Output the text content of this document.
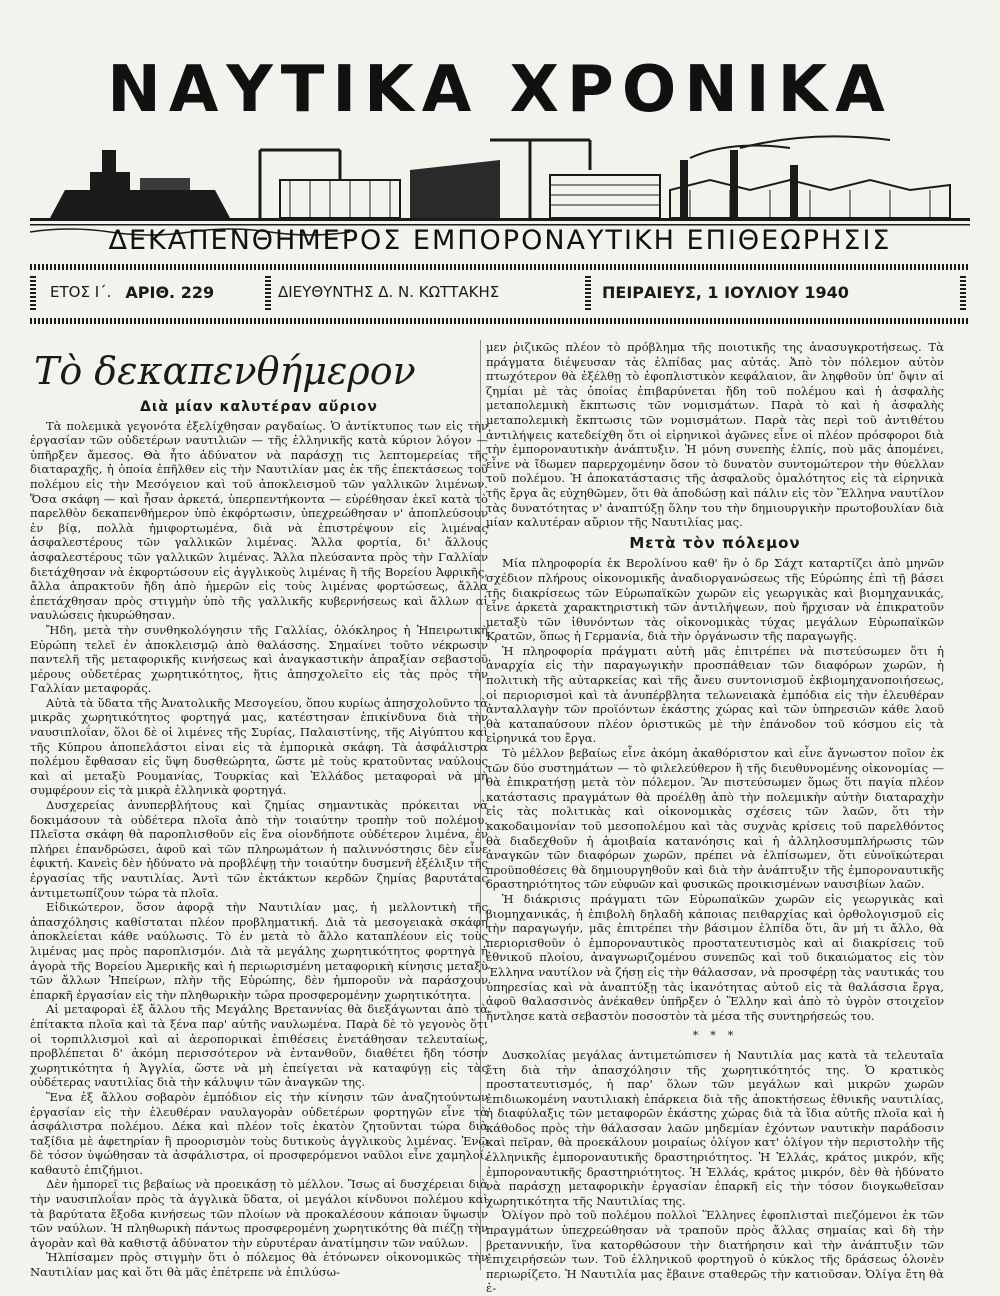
ΝΑΥΤΙΚΑ ΧΡΟΝΙΚΑ
ΔΕΚΑΠΕΝΘΗΜΕΡΟΣ ΕΜΠΟΡΟΝΑΥΤΙΚΗ ΕΠΙΘΕΩΡΗΣΙΣ
ΕΤΟΣ Ι΄. ΑΡΙΘ. 229	ΔΙΕΥΘΥΝΤΗΣ Δ. Ν. ΚΩΤΤΑΚΗΣ	ΠΕΙΡΑΙΕΥΣ, 1 ΙΟΥΛΙΟΥ 1940
Τὸ δεκαπενθήμερον
Διὰ μίαν καλυτέραν αὔριον

Τὰ πολεμικὰ γεγονότα ἐξελίχθησαν ραγδαίως. Ὁ ἀντίκτυπος των εἰς τὴν ἐργασίαν τῶν οὐδετέρων ναυτιλιῶν — τῆς ἑλληνικῆς κατὰ κύριον λόγον — ὑπῆρξεν ἄμεσος. Θὰ ἦτο ἀδύνατον νὰ παράσχῃ τις λεπτομερείας τῆς διαταραχῆς, ἡ ὁποία ἐπῆλθεν εἰς τὴν Ναυτιλίαν μας ἐκ τῆς ἐπεκτάσεως τοῦ πολέμου εἰς τὴν Μεσόγειον καὶ τοῦ ἀποκλεισμοῦ τῶν γαλλικῶν λιμένων. Ὅσα σκάφη — καὶ ἦσαν ἀρκετά, ὑπερπεντήκοντα — εὑρέθησαν ἐκεῖ κατὰ τὸ παρελθὸν δεκαπενθήμερον ὑπὸ ἐκφόρτωσιν, ὑπεχρεώθησαν ν' ἀποπλεύσουν ἐν βίᾳ, πολλὰ ἡμιφορτωμένα, διὰ νὰ ἐπιστρέψουν εἰς λιμένας ἀσφαλεστέρους τῶν γαλλικῶν λιμένας. Ἄλλα φορτία, δι' ἄλλους ἀσφαλεστέρους τῶν γαλλικῶν λιμένας. Ἄλλα πλεύσαντα πρὸς τὴν Γαλλίαν διετάχθησαν νὰ ἐκφορτώσουν εἰς ἀγγλικοὺς λιμένας ἢ τῆς Βορείου Ἀφρικῆς, ἄλλα ἀπρακτοῦν ἤδη ἀπὸ ἡμερῶν εἰς τοὺς λιμένας φορτώσεως, ἄλλα ἐπετάχθησαν πρὸς στιγμὴν ὑπὸ τῆς γαλλικῆς κυβερνήσεως καὶ ἄλλων αἱ ναυλώσεις ἠκυρώθησαν.

Ἤδη, μετὰ τὴν συνθηκολόγησιν τῆς Γαλλίας, ὁλόκληρος ἡ Ἠπειρωτικὴ Εὐρώπη τελεῖ ἐν ἀποκλεισμῷ ἀπὸ θαλάσσης. Σημαίνει τοῦτο νέκρωσιν παντελῆ τῆς μεταφορικῆς κινήσεως καὶ ἀναγκαστικὴν ἀπραξίαν σεβαστοῦ μέρους οὐδετέρας χωρητικότητος, ἥτις ἀπησχολεῖτο εἰς τὰς πρὸς τὴν Γαλλίαν μεταφοράς.

Αὐτὰ τὰ ὕδατα τῆς Ἀνατολικῆς Μεσογείου, ὅπου κυρίως ἀπησχολοῦντο τὰ μικρᾶς χωρητικότητος φορτηγά μας, κατέστησαν ἐπικίνδυνα διὰ τὴν ναυσιπλοΐαν, ὅλοι δὲ οἱ λιμένες τῆς Συρίας, Παλαιστίνης, τῆς Αἰγύπτου καὶ τῆς Κύπρου ἀποπελάστοι εἰναι εἰς τὰ ἐμπορικὰ σκάφη. Τὰ ἀσφάλιστρα πολέμου ἔφθασαν εἰς ὕψη δυσθεώρητα, ὥστε μὲ τοὺς κρατοῦντας ναύλους καὶ αἱ μεταξὺ Ρουμανίας, Τουρκίας καὶ Ἑλλάδος μεταφοραὶ νὰ μὴ συμφέρουν εἰς τὰ μικρὰ ἑλληνικὰ φορτηγά.

Δυσχερείας ἀνυπερβλήτους καὶ ζημίας σημαντικὰς πρόκειται νὰ δοκιμάσουν τὰ οὐδέτερα πλοῖα ἀπὸ τὴν τοιαύτην τροπὴν τοῦ πολέμου. Πλεῖστα σκάφη θὰ παροπλισθοῦν εἰς ἕνα οἱονδήποτε οὐδέτερον λιμένα, ἐν πλήρει ἐπανδρώσει, ἀφοῦ καὶ τῶν πληρωμάτων ἡ παλιννόστησις δὲν εἶνε ἐφικτή. Κανεὶς δὲν ἠδύνατο νὰ προβλέψῃ τὴν τοιαύτην δυσμενῆ ἐξέλιξιν τῆς ἐργασίας τῆς ναυτιλίας. Ἀντὶ τῶν ἐκτάκτων κερδῶν ζημίας βαρυτάτας ἀντιμετωπίζουν τώρα τὰ πλοῖα.

Εἰδικώτερον, ὅσον ἀφορᾷ τὴν Ναυτιλίαν μας, ἡ μελλοντικὴ τῆς ἀπασχόλησις καθίσταται πλέον προβληματική. Διὰ τὰ μεσογειακὰ σκάφη ἀποκλείεται κάθε ναύλωσις. Τὸ ἐν μετὰ τὸ ἄλλο καταπλέουν εἰς τοὺς λιμένας μας πρὸς παροπλισμόν. Διὰ τὰ μεγάλης χωρητικότητος φορτηγὰ ἡ ἀγορὰ τῆς Βορείου Ἀμερικῆς καὶ ἡ περιωρισμένη μεταφορικὴ κίνησις μεταξὺ τῶν ἄλλων Ἠπείρων, πλὴν τῆς Εὐρώπης, δὲν ἠμποροῦν νὰ παράσχουν ἐπαρκῆ ἐργασίαν εἰς τὴν πληθωρικὴν τώρα προσφερομένην χωρητικότητα.

Αἱ μεταφοραὶ ἐξ ἄλλου τῆς Μεγάλης Βρεταννίας θὰ διεξάγωνται ἀπὸ τὰ ἐπίτακτα πλοῖα καὶ τὰ ξένα παρ' αὐτῆς ναυλωμένα. Παρὰ δὲ τὸ γεγονὸς ὅτι οἱ τορπιλλισμοὶ καὶ αἱ ἀεροπορικαὶ ἐπιθέσεις ἐνετάθησαν τελευταίως, προβλέπεται δ' ἀκόμη περισσότερον νὰ ἐντανθοῦν, διαθέτει ἤδη τόσην χωρητικότητα ἡ Ἀγγλία, ὥστε νὰ μὴ ἐπείγεται νὰ καταφύγῃ εἰς τὰς οὐδέτερας ναυτιλίας διὰ τὴν κάλυψιν τῶν ἀναγκῶν της.

Ἕνα ἐξ ἄλλου σοβαρὸν ἐμπόδιον εἰς τὴν κίνησιν τῶν ἀναζητούντων ἐργασίαν εἰς τὴν ἐλευθέραν ναυλαγορὰν οὐδετέρων φορτηγῶν εἶνε τὰ ἀσφάλιστρα πολέμου. Δέκα καὶ πλέον τοῖς ἑκατὸν ζητοῦνται τώρα διὰ ταξίδια μὲ ἀφετηρίαν ἢ προορισμὸν τοὺς δυτικοὺς ἀγγλικοὺς λιμένας. Ἐνῷ δὲ τόσον ὑψώθησαν τὰ ἀσφάλιστρα, οἱ προσφερόμενοι ναῦλοι εἶνε χαμηλοί, καθαυτὸ ἐπιζήμιοι.

Δὲν ἠμπορεῖ τις βεβαίως νὰ προεικάσῃ τὸ μέλλον. Ἴσως αἱ δυσχέρειαι διὰ τὴν ναυσιπλοΐαν πρὸς τὰ ἀγγλικὰ ὕδατα, οἱ μεγάλοι κίνδυνοι πολέμου καὶ τὰ βαρύτατα ἔξοδα κινήσεως τῶν πλοίων νὰ προκαλέσουν κάποιαν ὕψωσιν τῶν ναύλων. Ἡ πληθωρικὴ πάντως προσφερομένη χωρητικότης θὰ πιέζῃ τὴν ἀγορὰν καὶ θὰ καθιστᾷ ἀδύνατον τὴν εὐρυτέραν ἀνατίμησιν τῶν ναύλων.

Ἠλπίσαμεν πρὸς στιγμὴν ὅτι ὁ πόλεμος θὰ ἐτόνωνεν οἰκονομικῶς τὴν Ναυτιλίαν μας καὶ ὅτι θὰ μᾶς ἐπέτρεπε νὰ ἐπιλύσω-

μεν ῥιζικῶς πλέον τὸ πρόβλημα τῆς ποιοτικῆς της ἀνασυγκροτήσεως. Τὰ πράγματα διέψευσαν τὰς ἐλπίδας μας αὐτάς. Ἀπὸ τὸν πόλεμον αὐτὸν πτωχότερον θὰ ἐξέλθῃ τὸ ἐφοπλιστικὸν κεφάλαιον, ἂν ληφθοῦν ὑπ' ὄψιν αἱ ζημίαι μὲ τὰς ὁποίας ἐπιβαρύνεται ἤδη τοῦ πολέμου καὶ ἡ ἀσφαλὴς μεταπολεμικὴ ἔκπτωσις τῶν νομισμάτων. Παρὰ τὸ καὶ ἡ ἀσφαλὴς μεταπολεμικὴ ἔκπτωσις τῶν νομισμάτων. Παρὰ τὰς περὶ τοῦ ἀντιθέτου ἀντιλήψεις κατεδείχθη ὅτι οἱ εἰρηνικοὶ ἀγῶνες εἶνε οἱ πλέον πρόσφοροι διὰ τὴν ἐμποροναυτικὴν ἀνάπτυξιν. Ἡ μόνη συνεπὴς ἐλπίς, ποὺ μᾶς ἀπομένει, εἶνε νὰ ἴδωμεν παρερχομένην ὅσον τὸ δυνατὸν συντομώτερον τὴν θύελλαν τοῦ πολέμου. Ἡ ἀποκατάστασις τῆς ἀσφαλοῦς ὁμαλότητος εἰς τὰ εἰρηνικὰ τῆς ἔργα ἂς εὐχηθῶμεν, ὅτι θὰ ἀποδώσῃ καὶ πάλιν εἰς τὸν Ἕλληνα ναυτίλον τὰς δυνατότητας ν' ἀναπτύξῃ ὅλην του τὴν δημιουργικὴν πρωτοβουλίαν διὰ μίαν καλυτέραν αὔριον τῆς Ναυτιλίας μας.

Μετὰ τὸν πόλεμον

Μία πληροφορία ἐκ Βερολίνου καθ' ἣν ὁ δρ Σάχτ καταρτίζει ἀπὸ μηνῶν σχέδιον πλήρους οἰκονομικῆς ἀναδιοργανώσεως τῆς Εὐρώπης ἐπὶ τῇ βάσει τῆς διακρίσεως τῶν Εὐρωπαϊκῶν χωρῶν εἰς γεωργικὰς καὶ βιομηχανικάς, εἶνε ἀρκετὰ χαρακτηριστικὴ τῶν ἀντιλήψεων, ποὺ ἤρχισαν νὰ ἐπικρατοῦν μεταξὺ τῶν ἰθυνόντων τὰς οἰκονομικὰς τύχας μεγάλων Εὐρωπαϊκῶν Κρατῶν, ὅπως ἡ Γερμανία, διὰ τὴν ὀργάνωσιν τῆς παραγωγῆς.

Ἡ πληροφορία πράγματι αὐτὴ μᾶς ἐπιτρέπει νὰ πιστεύσωμεν ὅτι ἡ ἀναρχία εἰς τὴν παραγωγικὴν προσπάθειαν τῶν διαφόρων χωρῶν, ἡ πολιτικὴ τῆς αὐταρκείας καὶ τῆς ἄνευ συντονισμοῦ ἐκβιομηχανοποιήσεως, οἱ περιορισμοὶ καὶ τὰ ἀνυπέρβλητα τελωνειακὰ ἐμπόδια εἰς τὴν ἐλευθέραν ἀνταλλαγὴν τῶν προϊόντων ἑκάστης χώρας καὶ τῶν ὑπηρεσιῶν κάθε λαοῦ θὰ καταπαύσουν πλέον ὁριστικῶς μὲ τὴν ἐπάνοδον τοῦ κόσμου εἰς τὰ εἰρηνικά του ἔργα.

Τὸ μέλλον βεβαίως εἶνε ἀκόμη ἀκαθόριστον καὶ εἶνε ἄγνωστον ποῖον ἐκ τῶν δύο συστημάτων — τὸ φιλελεύθερον ἢ τῆς διευθυνομένης οἰκονομίας — θὰ ἐπικρατήσῃ μετὰ τὸν πόλεμον. Ἂν πιστεύσωμεν ὅμως ὅτι παγία πλέον κατάστασις πραγμάτων θὰ προέλθῃ ἀπὸ τὴν πολεμικὴν αὐτὴν διαταραχὴν εἰς τὰς πολιτικὰς καὶ οἰκονομικὰς σχέσεις τῶν λαῶν, ὅτι τὴν κακοδαιμονίαν τοῦ μεσοπολέμου καὶ τὰς συχνὰς κρίσεις τοῦ παρελθόντος θὰ διαδεχθοῦν ἡ ἀμοιβαία κατανόησις καὶ ἡ ἀλληλοσυμπλήρωσις τῶν ἀναγκῶν τῶν διαφόρων χωρῶν, πρέπει νὰ ἐλπίσωμεν, ὅτι εὐνοϊκώτεραι προϋποθέσεις θὰ δημιουργηθοῦν καὶ διὰ τὴν ἀνάπτυξιν τῆς ἐμποροναυτικῆς δραστηριότητος τῶν εὐφυῶν καὶ φυσικῶς προικισμένων ναυσιβίων λαῶν.

Ἡ διάκρισις πράγματι τῶν Εὐρωπαϊκῶν χωρῶν εἰς γεωργικὰς καὶ βιομηχανικάς, ἡ ἐπιβολὴ δηλαδὴ κάποιας πειθαρχίας καὶ ὀρθολογισμοῦ εἰς τὴν παραγωγήν, μᾶς ἐπιτρέπει τὴν βάσιμον ἐλπίδα ὅτι, ἂν μή τι ἄλλο, θὰ περιορισθοῦν ὁ ἐμποροναυτικὸς προστατευτισμὸς καὶ αἱ διακρίσεις τοῦ ἐθνικοῦ πλοίου, ἀναγνωριζομένου συνεπῶς καὶ τοῦ δικαιώματος εἰς τὸν Ἕλληνα ναυτίλον νὰ ζήσῃ εἰς τὴν θάλασσαν, νὰ προσφέρῃ τὰς ναυτικάς του ὑπηρεσίας καὶ νὰ ἀναπτύξῃ τὰς ἱκανότητας αὐτοῦ εἰς τὰ θαλάσσια ἔργα, ἀφοῦ θαλασσινὸς ἀνέκαθεν ὑπῆρξεν ὁ Ἕλλην καὶ ἀπὸ τὸ ὑγρὸν στοιχεῖον ἤντλησε κατὰ σεβαστὸν ποσοστὸν τὰ μέσα τῆς συντηρήσεώς του.

* * *

Δυσκολίας μεγάλας ἀντιμετώπισεν ἡ Ναυτιλία μας κατὰ τὰ τελευταῖα ἔτη διὰ τὴν ἀπασχόλησιν τῆς χωρητικότητός της. Ὁ κρατικὸς προστατευτισμός, ἡ παρ' ὅλων τῶν μεγάλων καὶ μικρῶν χωρῶν ἐπιδιωκομένη ναυτιλιακὴ ἐπάρκεια διὰ τῆς ἀποκτήσεως ἐθνικῆς ναυτιλίας, ἡ διαφύλαξις τῶν μεταφορῶν ἑκάστης χώρας διὰ τὰ ἴδια αὐτῆς πλοῖα καὶ ἡ κάθοδος πρὸς τὴν θάλασσαν λαῶν μηδεμίαν ἐχόντων ναυτικὴν παράδοσιν καὶ πεῖραν, θὰ προεκάλουν μοιραίως ὀλίγον κατ' ὀλίγον τὴν περιστολὴν τῆς ἑλληνικῆς ἐμποροναυτικῆς δραστηριότητος. Ἡ Ἑλλάς, κράτος μικρόν, κῆς ἐμποροναυτικῆς δραστηριότητος. Ἡ Ἑλλάς, κράτος μικρόν, δὲν θὰ ἠδύνατο νὰ παράσχῃ μεταφορικὴν ἐργασίαν ἐπαρκῆ εἰς τὴν τόσον διογκωθεῖσαν χωρητικότητα τῆς Ναυτιλίας της.

Ὀλίγον πρὸ τοῦ πολέμου πολλοὶ Ἕλληνες ἐφοπλισταὶ πιεζόμενοι ἐκ τῶν πραγμάτων ὑπεχρεώθησαν νὰ τραποῦν πρὸς ἄλλας σημαίας καὶ δὴ τὴν βρεταννικήν, ἵνα κατορθώσουν τὴν διατήρησιν καὶ τὴν ἀνάπτυξιν τῶν ἐπιχειρήσεών των. Τοῦ ἑλληνικοῦ φορτηγοῦ ὁ κύκλος τῆς δράσεως ὁλονὲν περιωρίζετο. Ἡ Ναυτιλία μας ἔβαινε σταθερῶς τὴν κατιοῦσαν. Ὀλίγα ἔτη θὰ ἐ-
